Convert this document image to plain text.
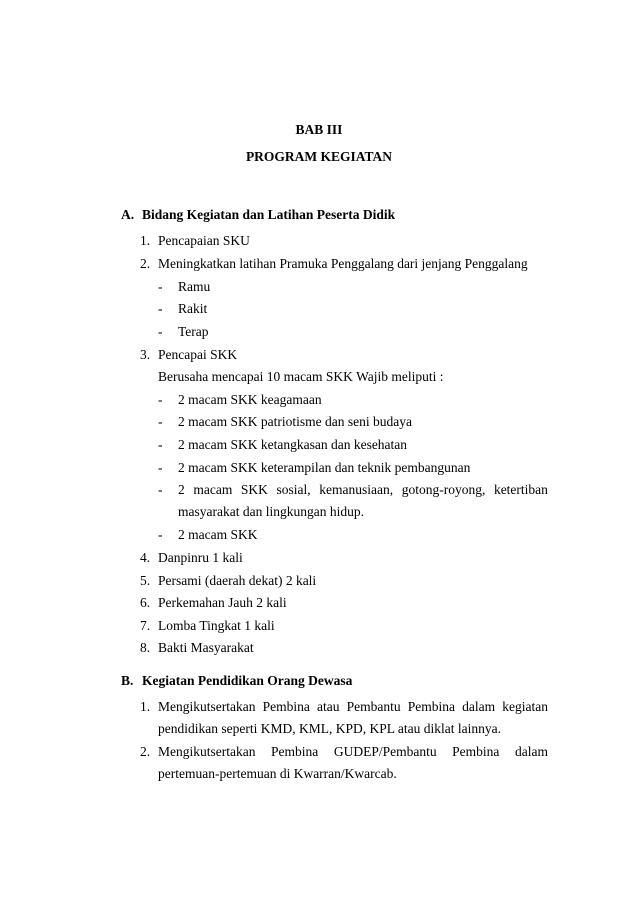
BAB III
PROGRAM KEGIATAN
A. Bidang Kegiatan dan Latihan Peserta Didik
1. Pencapaian SKU
2. Meningkatkan latihan Pramuka Penggalang dari jenjang Penggalang
- Ramu
- Rakit
- Terap
3. Pencapai SKK
Berusaha mencapai 10 macam SKK Wajib meliputi :
- 2 macam SKK keagamaan
- 2 macam SKK patriotisme dan seni budaya
- 2 macam SKK ketangkasan dan kesehatan
- 2 macam SKK keterampilan dan teknik pembangunan
-	2 macam SKK sosial, kemanusiaan, gotong-royong, ketertiban
masyarakat dan lingkungan hidup.
- 2 macam SKK
4. Danpinru 1 kali
5. Persami (daerah dekat) 2 kali
6. Perkemahan Jauh 2 kali
7. Lomba Tingkat 1 kali
8. Bakti Masyarakat
B. Kegiatan Pendidikan Orang Dewasa
1. Mengikutsertakan Pembina atau Pembantu Pembina dalam kegiatan
pendidikan seperti KMD, KML, KPD, KPL atau diklat lainnya.
2. Mengikutsertakan Pembina GUDEP/Pembantu Pembina dalam
pertemuan-pertemuan di Kwarran/Kwarcab.
